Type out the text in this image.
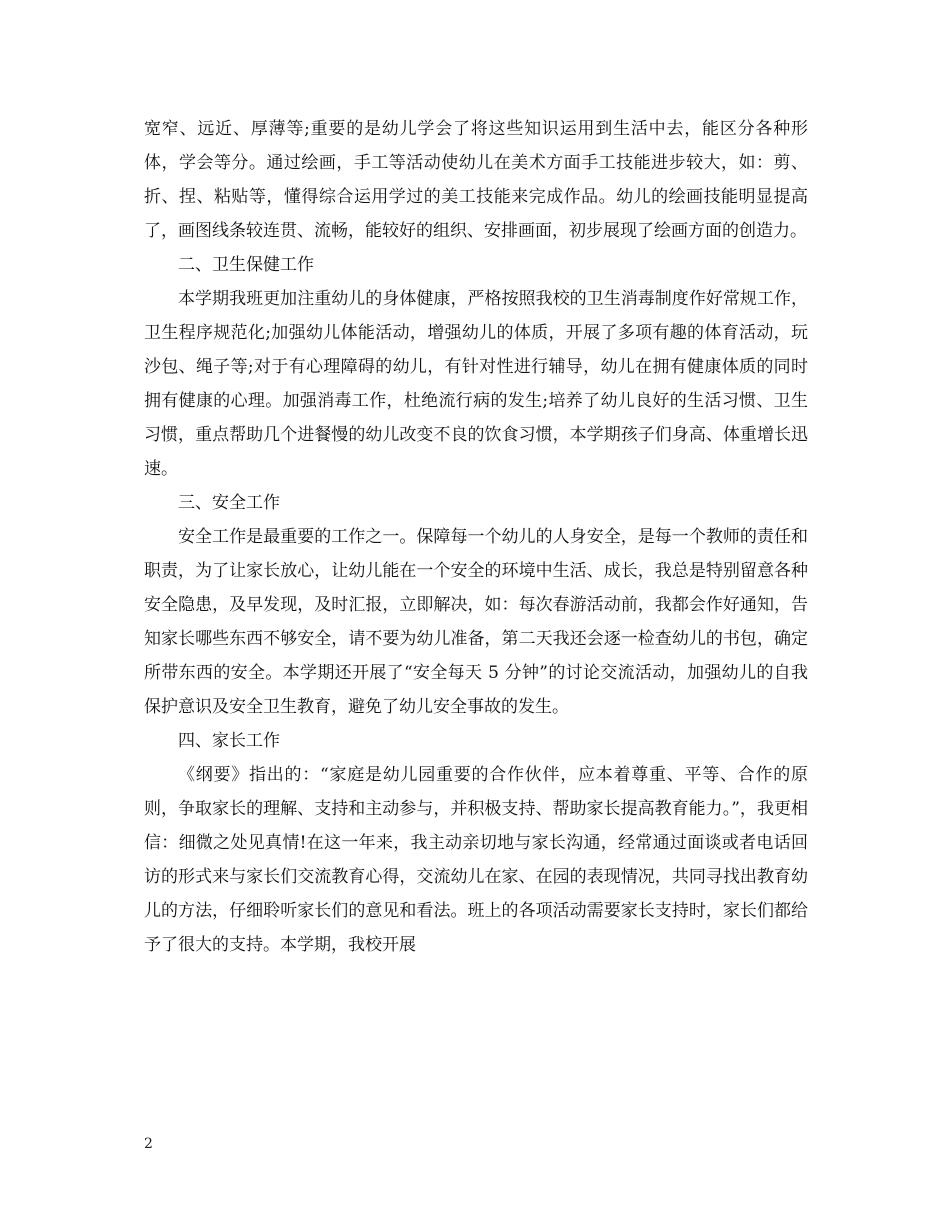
宽窄、远近、厚薄等;重要的是幼儿学会了将这些知识运用到生活中去，能区分各种形体，学会等分。通过绘画，手工等活动使幼儿在美术方面手工技能进步较大，如：剪、折、捏、粘贴等，懂得综合运用学过的美工技能来完成作品。幼儿的绘画技能明显提高了，画图线条较连贯、流畅，能较好的组织、安排画面，初步展现了绘画方面的创造力。

二、卫生保健工作

本学期我班更加注重幼儿的身体健康，严格按照我校的卫生消毒制度作好常规工作，卫生程序规范化;加强幼儿体能活动，增强幼儿的体质，开展了多项有趣的体育活动，玩沙包、绳子等;对于有心理障碍的幼儿，有针对性进行辅导，幼儿在拥有健康体质的同时拥有健康的心理。加强消毒工作，杜绝流行病的发生;培养了幼儿良好的生活习惯、卫生习惯，重点帮助几个进餐慢的幼儿改变不良的饮食习惯，本学期孩子们身高、体重增长迅速。

三、安全工作

安全工作是最重要的工作之一。保障每一个幼儿的人身安全，是每一个教师的责任和职责，为了让家长放心，让幼儿能在一个安全的环境中生活、成长，我总是特别留意各种安全隐患，及早发现，及时汇报，立即解决，如：每次春游活动前，我都会作好通知，告知家长哪些东西不够安全，请不要为幼儿准备，第二天我还会逐一检查幼儿的书包，确定所带东西的安全。本学期还开展了“安全每天 5 分钟”的讨论交流活动，加强幼儿的自我保护意识及安全卫生教育，避免了幼儿安全事故的发生。

四、家长工作

《纲要》指出的：“家庭是幼儿园重要的合作伙伴，应本着尊重、平等、合作的原则，争取家长的理解、支持和主动参与，并积极支持、帮助家长提高教育能力。”，我更相信：细微之处见真情!在这一年来，我主动亲切地与家长沟通，经常通过面谈或者电话回访的形式来与家长们交流教育心得，交流幼儿在家、在园的表现情况，共同寻找出教育幼儿的方法，仔细聆听家长们的意见和看法。班上的各项活动需要家长支持时，家长们都给予了很大的支持。本学期，我校开展

2
